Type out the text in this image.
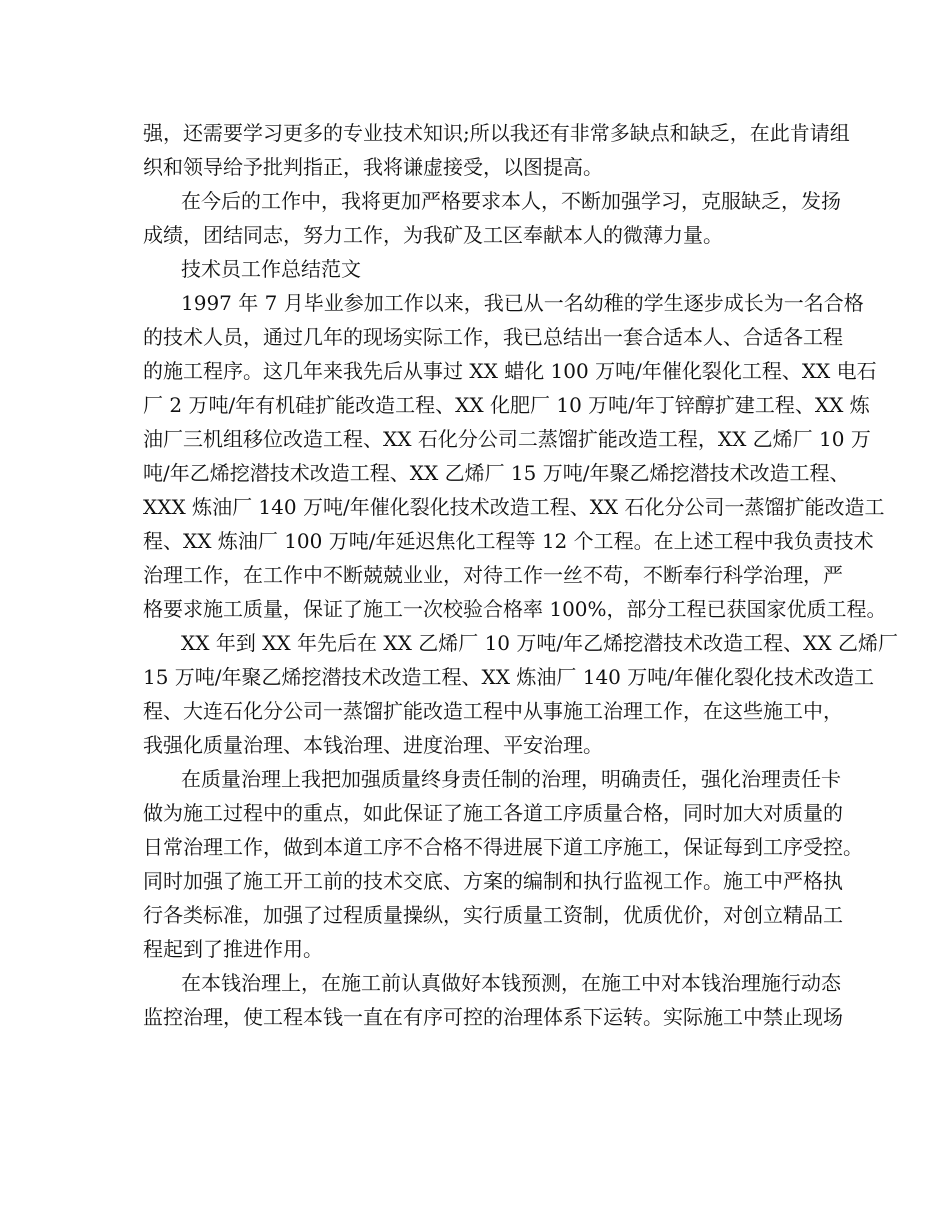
强，还需要学习更多的专业技术知识;所以我还有非常多缺点和缺乏，在此肯请组
织和领导给予批判指正，我将谦虚接受，以图提高。
在今后的工作中，我将更加严格要求本人，不断加强学习，克服缺乏，发扬
成绩，团结同志，努力工作，为我矿及工区奉献本人的微薄力量。
技术员工作总结范文
1997 年 7 月毕业参加工作以来，我已从一名幼稚的学生逐步成长为一名合格
的技术人员，通过几年的现场实际工作，我已总结出一套合适本人、合适各工程
的施工程序。这几年来我先后从事过 XX 蜡化 100 万吨/年催化裂化工程、XX 电石
厂 2 万吨/年有机硅扩能改造工程、XX 化肥厂 10 万吨/年丁锌醇扩建工程、XX 炼
油厂三机组移位改造工程、XX 石化分公司二蒸馏扩能改造工程，XX 乙烯厂 10 万
吨/年乙烯挖潜技术改造工程、XX 乙烯厂 15 万吨/年聚乙烯挖潜技术改造工程、
XXX 炼油厂 140 万吨/年催化裂化技术改造工程、XX 石化分公司一蒸馏扩能改造工
程、XX 炼油厂 100 万吨/年延迟焦化工程等 12 个工程。在上述工程中我负责技术
治理工作，在工作中不断兢兢业业，对待工作一丝不苟，不断奉行科学治理，严
格要求施工质量，保证了施工一次校验合格率 100%，部分工程已获国家优质工程。
XX 年到 XX 年先后在 XX 乙烯厂 10 万吨/年乙烯挖潜技术改造工程、XX 乙烯厂
15 万吨/年聚乙烯挖潜技术改造工程、XX 炼油厂 140 万吨/年催化裂化技术改造工
程、大连石化分公司一蒸馏扩能改造工程中从事施工治理工作，在这些施工中，
我强化质量治理、本钱治理、进度治理、平安治理。
在质量治理上我把加强质量终身责任制的治理，明确责任，强化治理责任卡
做为施工过程中的重点，如此保证了施工各道工序质量合格，同时加大对质量的
日常治理工作，做到本道工序不合格不得进展下道工序施工，保证每到工序受控。
同时加强了施工开工前的技术交底、方案的编制和执行监视工作。施工中严格执
行各类标准，加强了过程质量操纵，实行质量工资制，优质优价，对创立精品工
程起到了推进作用。
在本钱治理上，在施工前认真做好本钱预测，在施工中对本钱治理施行动态
监控治理，使工程本钱一直在有序可控的治理体系下运转。实际施工中禁止现场
